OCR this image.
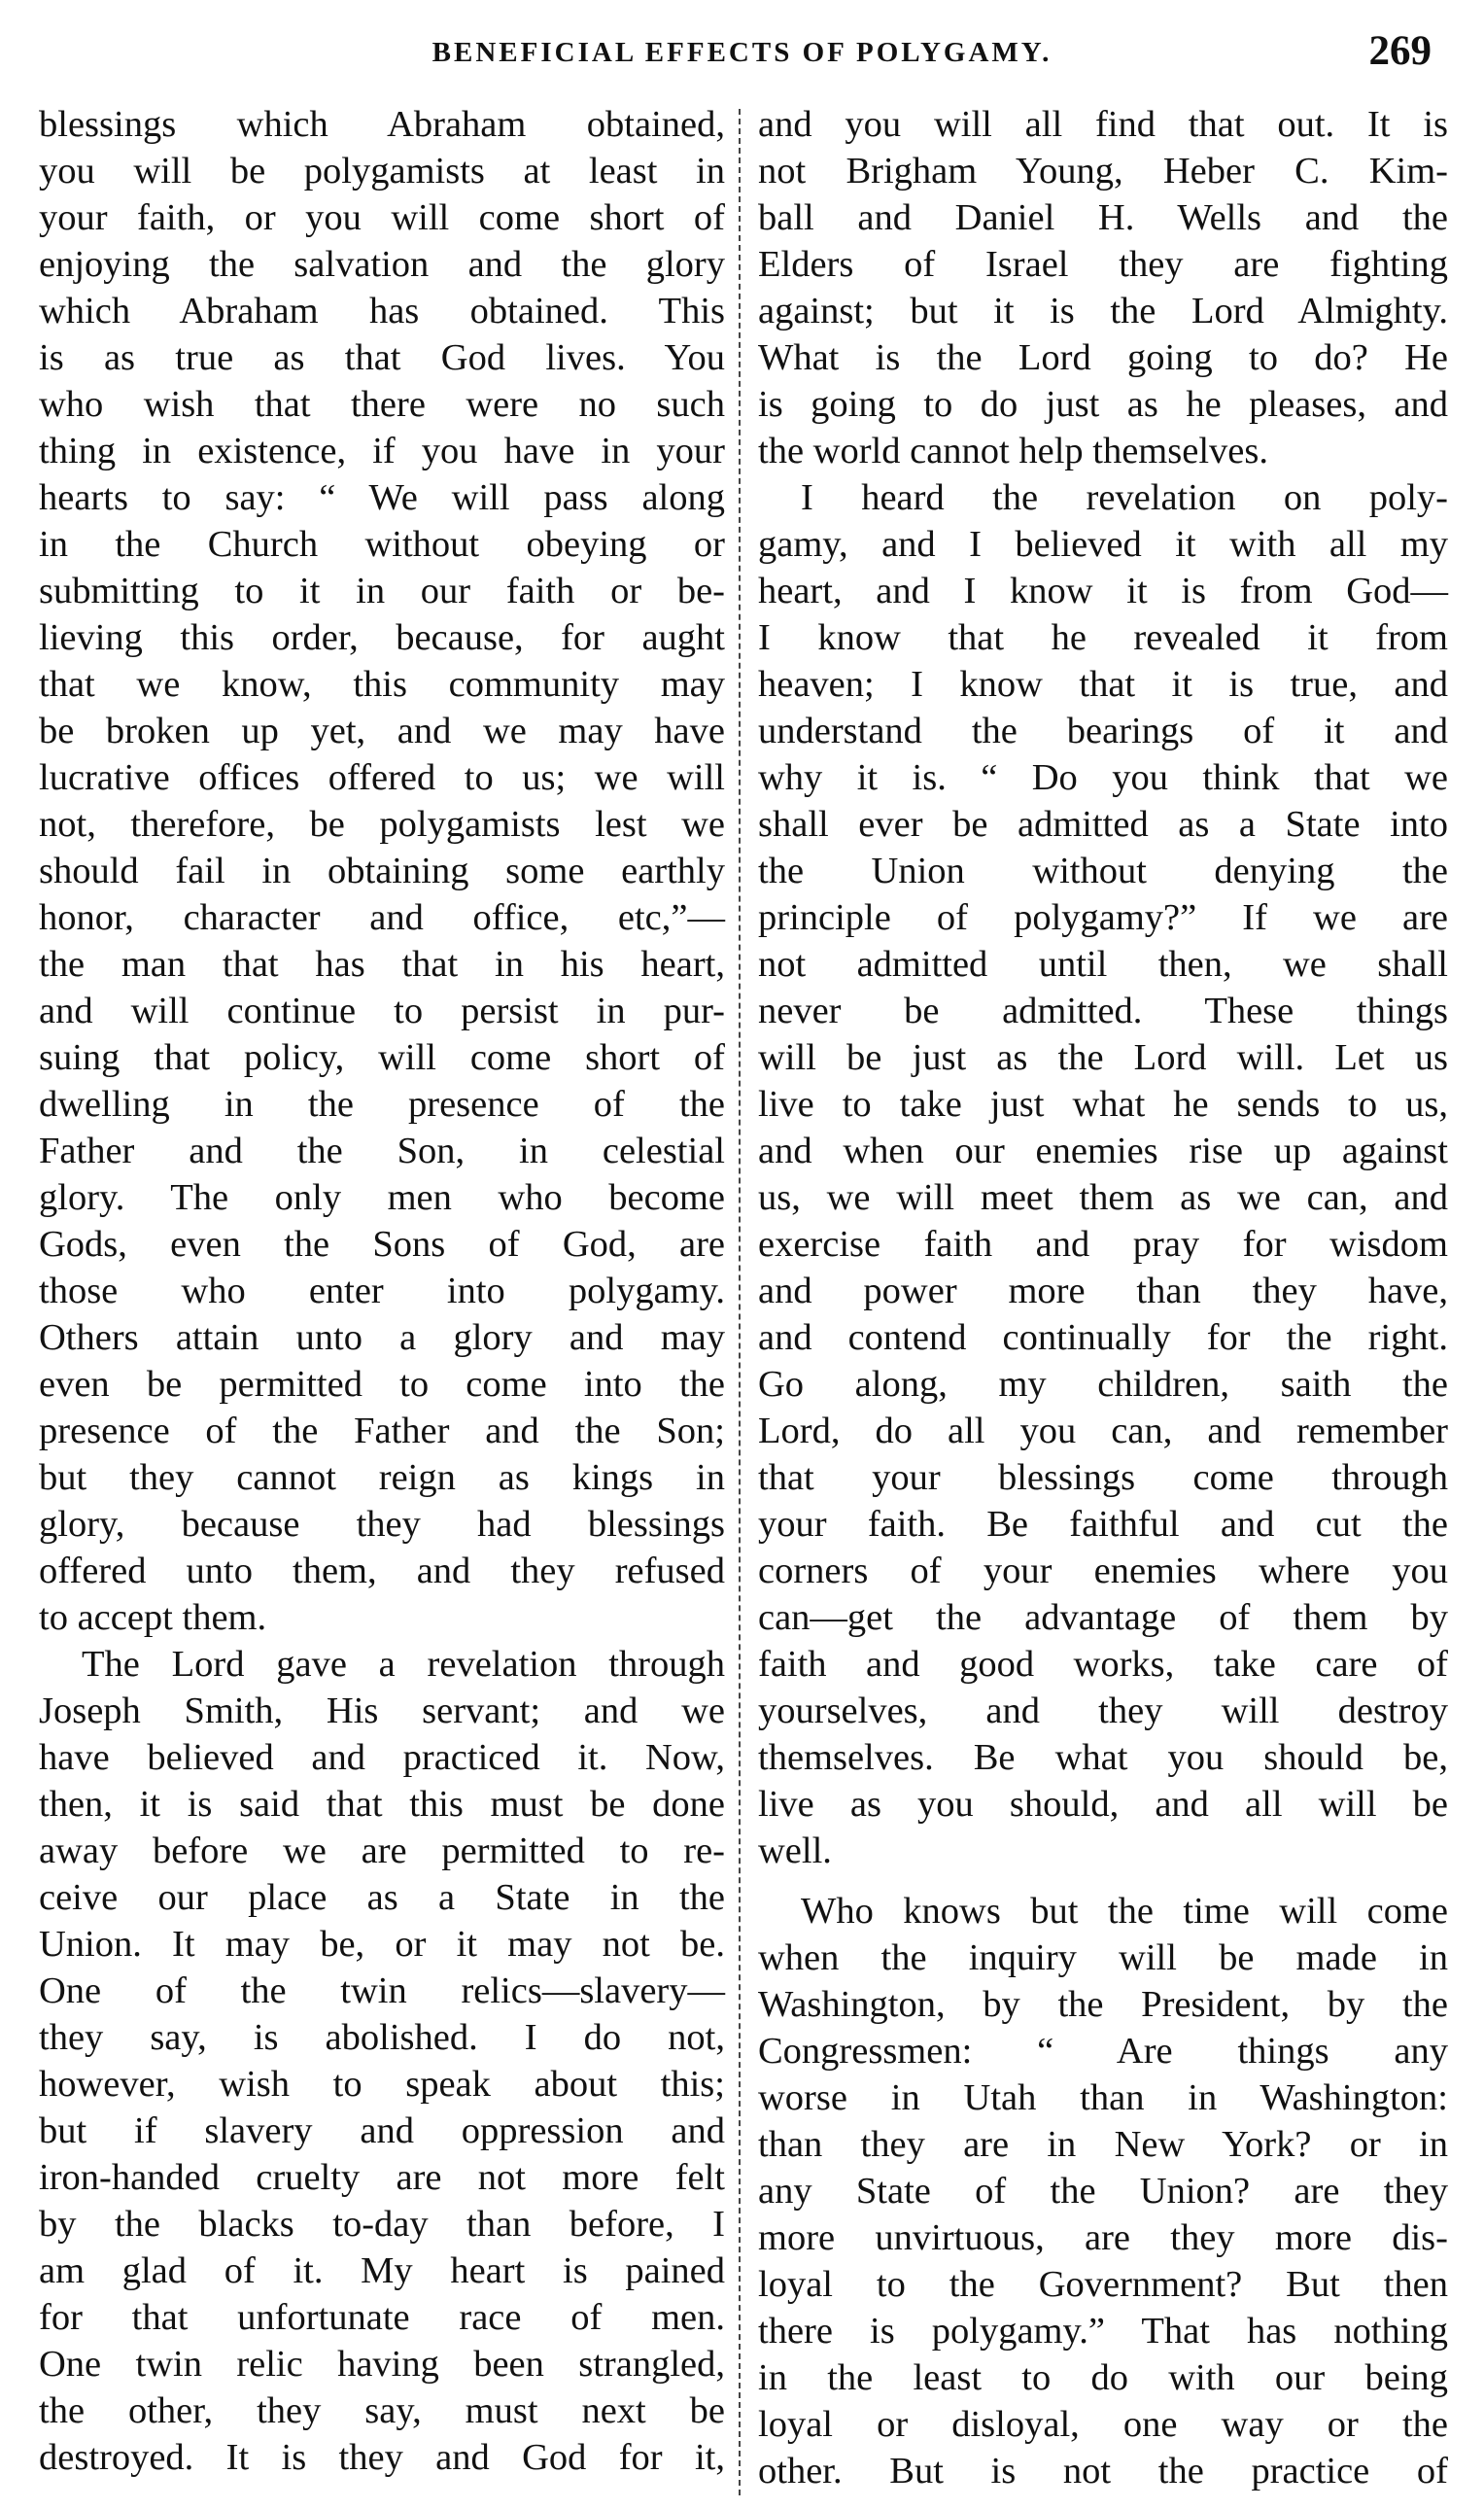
BENEFICIAL EFFECTS OF POLYGAMY.	269
blessings which Abraham obtained,
you will be polygamists at least in
your faith, or you will come short of
enjoying the salvation and the glory
which Abraham has obtained. This
is as true as that God lives. You
who wish that there were no such
thing in existence, if you have in your
hearts to say: “ We will pass along
in the Church without obeying or
submitting to it in our faith or be-
lieving this order, because, for aught
that we know, this community may
be broken up yet, and we may have
lucrative offices offered to us; we will
not, therefore, be polygamists lest we
should fail in obtaining some earthly
honor, character and office, etc,”—
the man that has that in his heart,
and will continue to persist in pur-
suing that policy, will come short of
dwelling in the presence of the
Father and the Son, in celestial
glory. The only men who become
Gods, even the Sons of God, are
those who enter into polygamy.
Others attain unto a glory and may
even be permitted to come into the
presence of the Father and the Son;
but they cannot reign as kings in
glory, because they had blessings
offered unto them, and they refused
to accept them.
The Lord gave a revelation through
Joseph Smith, His servant; and we
have believed and practiced it. Now,
then, it is said that this must be done
away before we are permitted to re-
ceive our place as a State in the
Union. It may be, or it may not be.
One of the twin relics—slavery—
they say, is abolished. I do not,
however, wish to speak about this;
but if slavery and oppression and
iron-handed cruelty are not more felt
by the blacks to-day than before, I
am glad of it. My heart is pained
for that unfortunate race of men.
One twin relic having been strangled,
the other, they say, must next be
destroyed. It is they and God for it,
and you will all find that out. It is
not Brigham Young, Heber C. Kim-
ball and Daniel H. Wells and the
Elders of Israel they are fighting
against; but it is the Lord Almighty.
What is the Lord going to do? He
is going to do just as he pleases, and
the world cannot help themselves.
I heard the revelation on poly-
gamy, and I believed it with all my
heart, and I know it is from God—
I know that he revealed it from
heaven; I know that it is true, and
understand the bearings of it and
why it is. “ Do you think that we
shall ever be admitted as a State into
the Union without denying the
principle of polygamy?” If we are
not admitted until then, we shall
never be admitted. These things
will be just as the Lord will. Let us
live to take just what he sends to us,
and when our enemies rise up against
us, we will meet them as we can, and
exercise faith and pray for wisdom
and power more than they have,
and contend continually for the right.
Go along, my children, saith the
Lord, do all you can, and remember
that your blessings come through
your faith. Be faithful and cut the
corners of your enemies where you
can—get the advantage of them by
faith and good works, take care of
yourselves, and they will destroy
themselves. Be what you should be,
live as you should, and all will be
well.
Who knows but the time will come
when the inquiry will be made in
Washington, by the President, by the
Congressmen: “ Are things any
worse in Utah than in Washington:
than they are in New York? or in
any State of the Union? are they
more unvirtuous, are they more dis-
loyal to the Government? But then
there is polygamy.” That has nothing
in the least to do with our being
loyal or disloyal, one way or the
other. But is not the practice of
